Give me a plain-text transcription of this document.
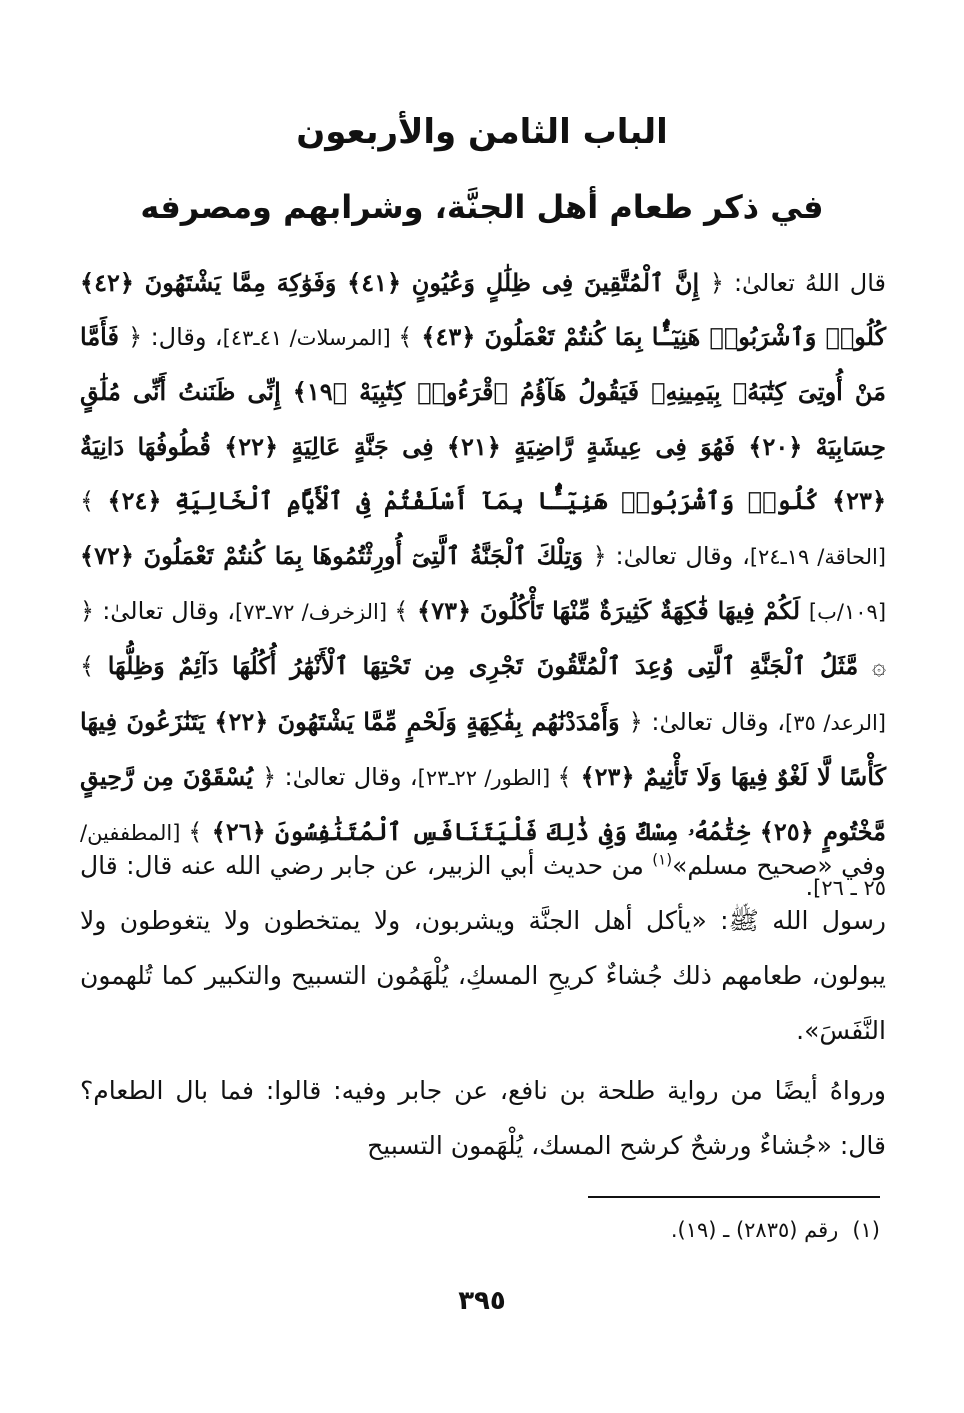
الباب الثامن والأربعون
في ذكر طعام أهل الجنَّة، وشرابهم ومصرفه
قال اللهُ تعالىٰ: ﴿ إِنَّ ٱلْمُتَّقِينَ فِى ظِلَٰلٍ وَعُيُونٍ ﴿٤١﴾ وَفَوَٰكِهَ مِمَّا يَشْتَهُونَ ﴿٤٢﴾ كُلُوا۟ وَٱشْرَبُوا۟ هَنِيٓـًٔۢا بِمَا كُنتُمْ تَعْمَلُونَ ﴿٤٣﴾ ﴾ [المرسلات/ ٤١ـ٤٣]، وقال: ﴿ فَأَمَّا مَنْ أُوتِىَ كِتَٰبَهُۥ بِيَمِينِهِۦ فَيَقُولُ هَآؤُمُ ٱقْرَءُوا۟ كِتَٰبِيَهْ ﴿١٩﴾ إِنِّى ظَنَنتُ أَنِّى مُلَٰقٍ حِسَابِيَهْ ﴿٢٠﴾ فَهُوَ فِى عِيشَةٍ رَّاضِيَةٍ ﴿٢١﴾ فِى جَنَّةٍ عَالِيَةٍ ﴿٢٢﴾ قُطُوفُهَا دَانِيَةٌ ﴿٢٣﴾ كُلُوا۟ وَٱشْرَبُوا۟ هَنِيٓـًٔۢا بِمَآ أَسْلَفْتُمْ فِى ٱلْأَيَّامِ ٱلْخَالِيَةِ ﴿٢٤﴾ ﴾ [الحاقة/ ١٩ـ٢٤]، وقال تعالىٰ: ﴿ وَتِلْكَ ٱلْجَنَّةُ ٱلَّتِىٓ أُورِثْتُمُوهَا بِمَا كُنتُمْ تَعْمَلُونَ ﴿٧٢﴾[١٠٩/ب] لَكُمْ فِيهَا فَٰكِهَةٌ كَثِيرَةٌ مِّنْهَا تَأْكُلُونَ ﴿٧٣﴾ ﴾ [الزخرف/ ٧٢ـ٧٣]، وقال تعالىٰ: ﴿ ۞ مَّثَلُ ٱلْجَنَّةِ ٱلَّتِى وُعِدَ ٱلْمُتَّقُونَ تَجْرِى مِن تَحْتِهَا ٱلْأَنْهَٰرُ أُكُلُهَا دَآئِمٌ وَظِلُّهَا ﴾ [الرعد/ ٣٥]، وقال تعالىٰ: ﴿ وَأَمْدَدْنَٰهُم بِفَٰكِهَةٍ وَلَحْمٍ مِّمَّا يَشْتَهُونَ ﴿٢٢﴾ يَتَنَٰزَعُونَ فِيهَا كَأْسًا لَّا لَغْوٌ فِيهَا وَلَا تَأْثِيمٌ ﴿٢٣﴾ ﴾ [الطور/ ٢٢ـ٢٣]، وقال تعالىٰ: ﴿ يُسْقَوْنَ مِن رَّحِيقٍ مَّخْتُومٍ ﴿٢٥﴾ خِتَٰمُهُۥ مِسْكٌ وَفِى ذَٰلِكَ فَلْيَتَنَافَسِ ٱلْمُتَنَٰفِسُونَ ﴿٢٦﴾ ﴾ [المطففين/ ٢٥ ـ ٢٦].
وفي «صحيح مسلم»$^{(١)}$ من حديث أبي الزبير، عن جابر رضي الله عنه قال: قال رسول الله ﷺ: «يأكل أهل الجنَّة ويشربون، ولا يمتخطون ولا يتغوطون ولا يبولون، طعامهم ذلك جُشاءٌ كريحِ المسكِ، يُلْهَمُون التسبيح والتكبير كما تُلهمون النَّفَسَ».
ورواهُ أيضًا من رواية طلحة بن نافع، عن جابر وفيه: قالوا: فما بال الطعام؟ قال: «جُشاءٌ ورشحٌ كرشح المسك، يُلْهَمون التسبيح
(١)رقم (٢٨٣٥) ـ (١٩).
٣٩٥
